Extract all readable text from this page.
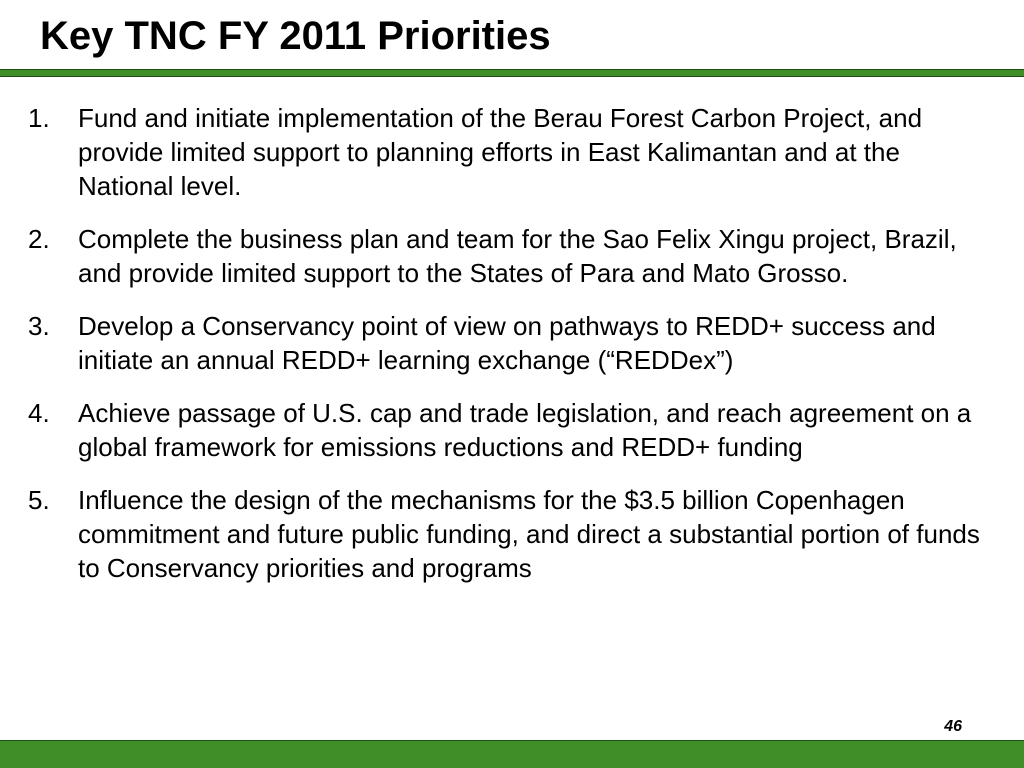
Key TNC FY 2011 Priorities
1.	Fund and initiate implementation of the Berau Forest Carbon Project, and provide limited support to planning efforts in East Kalimantan and at the National level.
2.	Complete the business plan and team for the Sao Felix Xingu project, Brazil, and provide limited support to the States of Para and Mato Grosso.
3.	Develop a Conservancy point of view on pathways to REDD+ success and initiate an annual REDD+ learning exchange (“REDDex”)
4.	Achieve passage of U.S. cap and trade legislation, and reach agreement on a global framework for emissions reductions and REDD+ funding
5.	Influence the design of the mechanisms for the $3.5 billion Copenhagen commitment and future public funding, and direct a substantial portion of funds to Conservancy priorities and programs
46
